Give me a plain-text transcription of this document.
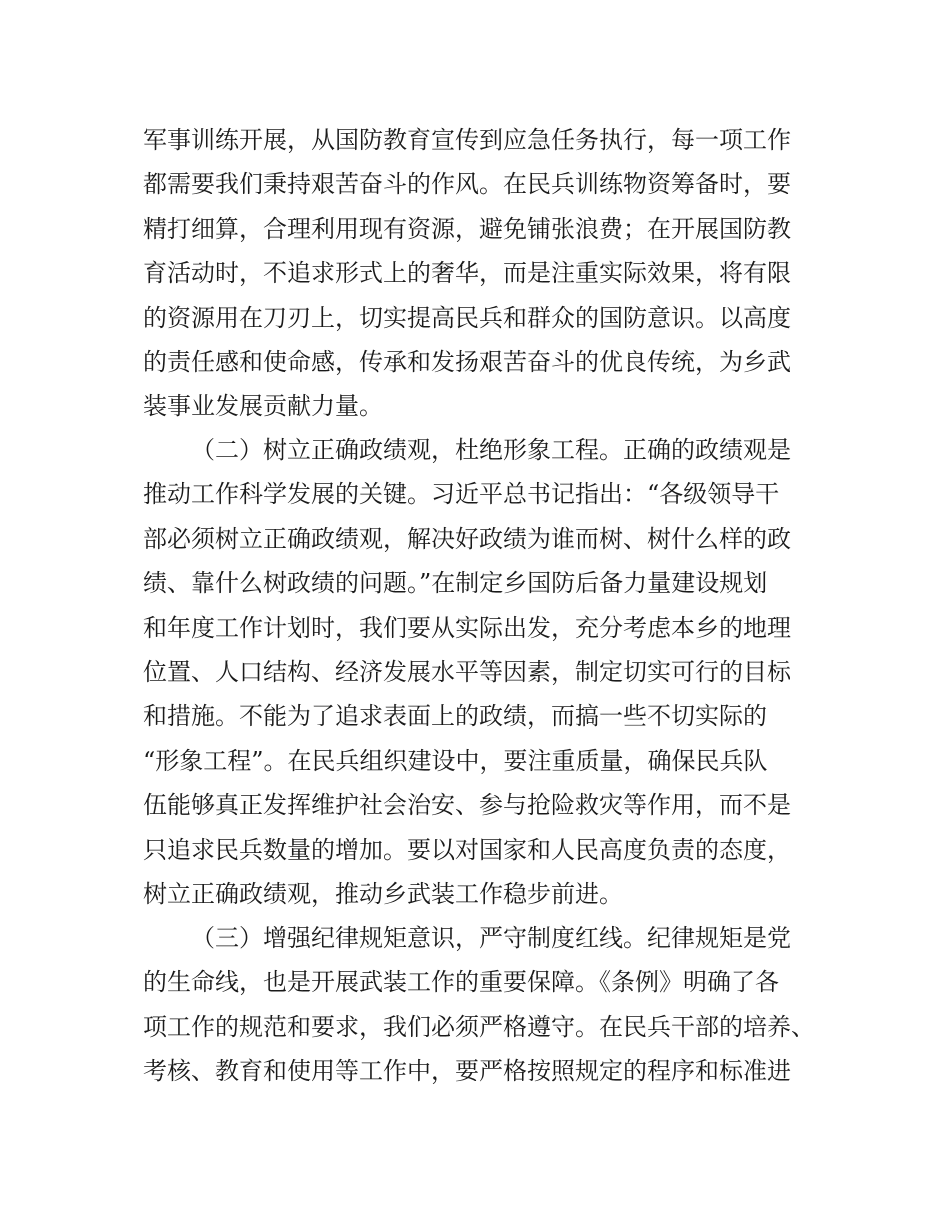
军事训练开展，从国防教育宣传到应急任务执行，每一项工作
都需要我们秉持艰苦奋斗的作风。在民兵训练物资筹备时，要
精打细算，合理利用现有资源，避免铺张浪费；在开展国防教
育活动时，不追求形式上的奢华，而是注重实际效果，将有限
的资源用在刀刃上，切实提高民兵和群众的国防意识。以高度
的责任感和使命感，传承和发扬艰苦奋斗的优良传统，为乡武
装事业发展贡献力量。
（二）树立正确政绩观，杜绝形象工程。正确的政绩观是
推动工作科学发展的关键。习近平总书记指出：“各级领导干
部必须树立正确政绩观，解决好政绩为谁而树、树什么样的政
绩、靠什么树政绩的问题。”在制定乡国防后备力量建设规划
和年度工作计划时，我们要从实际出发，充分考虑本乡的地理
位置、人口结构、经济发展水平等因素，制定切实可行的目标
和措施。不能为了追求表面上的政绩，而搞一些不切实际的
“形象工程”。在民兵组织建设中，要注重质量，确保民兵队
伍能够真正发挥维护社会治安、参与抢险救灾等作用，而不是
只追求民兵数量的增加。要以对国家和人民高度负责的态度，
树立正确政绩观，推动乡武装工作稳步前进。
（三）增强纪律规矩意识，严守制度红线。纪律规矩是党
的生命线，也是开展武装工作的重要保障。《条例》明确了各
项工作的规范和要求，我们必须严格遵守。在民兵干部的培养、
考核、教育和使用等工作中，要严格按照规定的程序和标准进
